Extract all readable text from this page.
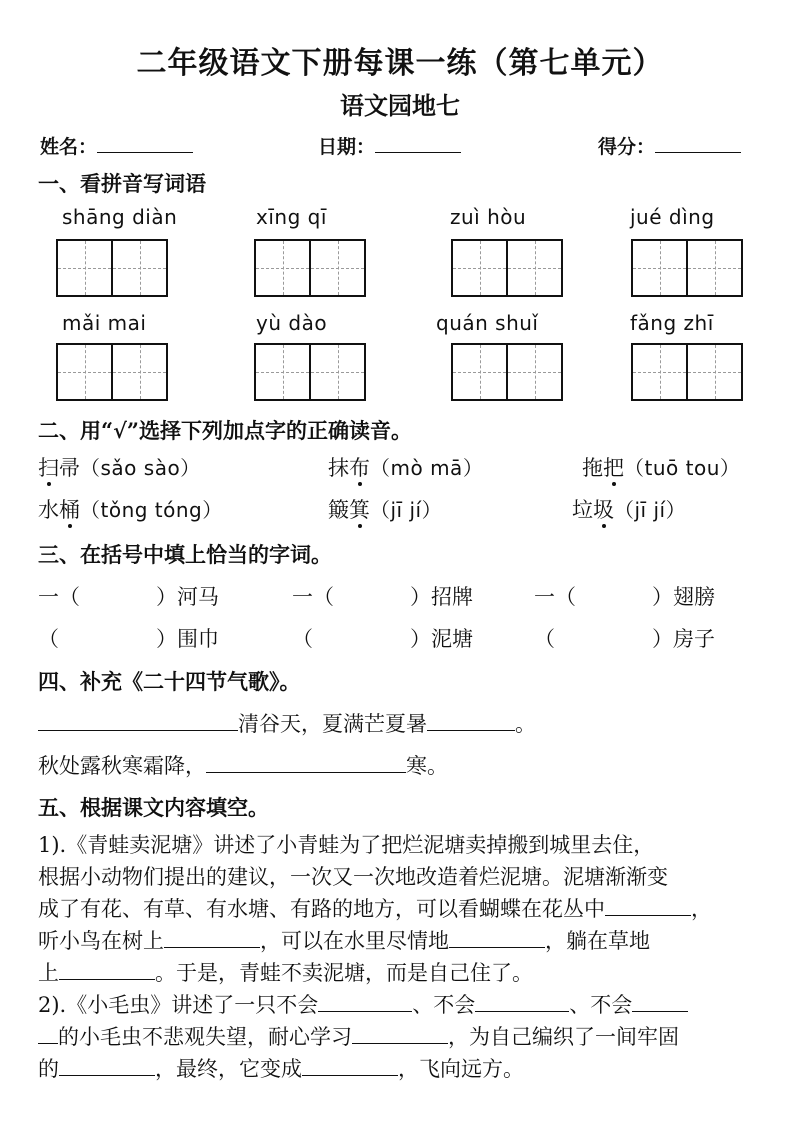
二年级语文下册每课一练（第七单元）
语文园地七
姓名：	日期：	得分：
一、看拼音写词语
shāng diàn	xīng qī	zuì hòu	jué dìng
mǎi mai	yù dào	quán shuǐ	fǎng zhī
二、用“√”选择下列加点字的正确读音。
扫帚（sǎo sào）	抹布（mò mā）	拖把（tuō tou）
水桶（tǒng tóng）	簸箕（jī jí）	垃圾（jī jí）
三、在括号中填上恰当的字词。
一（	）河马	一（	）招牌	一（	）翅膀
（	）围巾	（	）泥塘	（	）房子
四、补充《二十四节气歌》。
清谷天，夏满芒夏暑	。
秋处露秋寒霜降，	寒。
五、根据课文内容填空。
1).《青蛙卖泥塘》讲述了小青蛙为了把烂泥塘卖掉搬到城里去住，
根据小动物们提出的建议，一次又一次地改造着烂泥塘。泥塘渐渐变
成了有花、有草、有水塘、有路的地方，可以看蝴蝶在花丛中	，
听小鸟在树上	，可以在水里尽情地	，躺在草地
上	。于是，青蛙不卖泥塘，而是自己住了。
2).《小毛虫》讲述了一只不会	、不会	、不会
的小毛虫不悲观失望，耐心学习	，为自己编织了一间牢固
的	，最终，它变成	，飞向远方。
